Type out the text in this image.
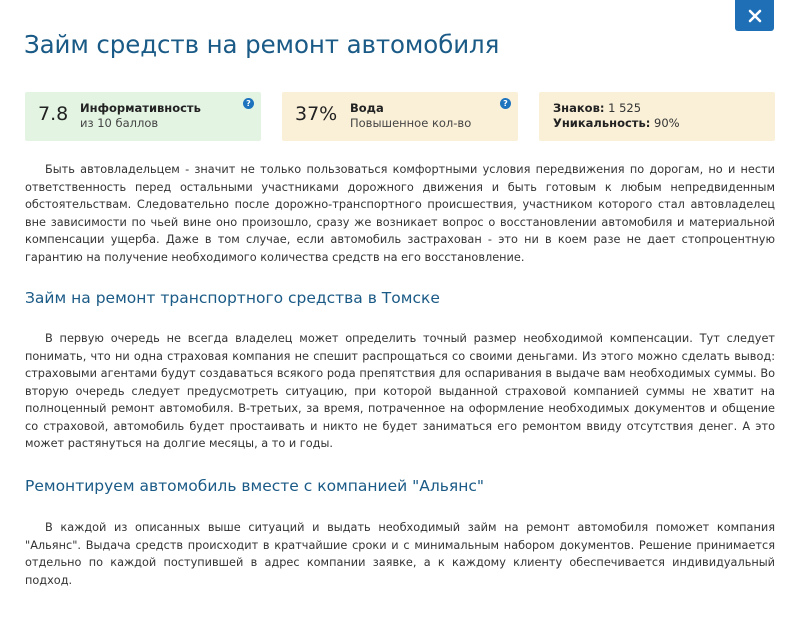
Займ средств на ремонт автомобиля
7.8 Информативность
из 10 баллов
? 37% Вода
Повышенное кол-во
?	Знаков: 1 525
Уникальность: 90%

Быть автовладельцем - значит не только пользоваться комфортными условия передвижения по дорогам, но и нести ответственность перед остальными участниками дорожного движения и быть готовым к любым непредвиденным обстоятельствам. Следовательно после дорожно-транспортного происшествия, участником которого стал автовладелец вне зависимости по чьей вине оно произошло, сразу же возникает вопрос о восстановлении автомобиля и материальной компенсации ущерба. Даже в том случае, если автомобиль застрахован - это ни в коем разе не дает стопроцентную гарантию на получение необходимого количества средств на его восстановление.

Займ на ремонт транспортного средства в Томске

В первую очередь не всегда владелец может определить точный размер необходимой компенсации. Тут следует понимать, что ни одна страховая компания не спешит распрощаться со своими деньгами. Из этого можно сделать вывод: страховыми агентами будут создаваться всякого рода препятствия для оспаривания в выдаче вам необходимых суммы. Во вторую очередь следует предусмотреть ситуацию, при которой выданной страховой компанией суммы не хватит на полноценный ремонт автомобиля. В-третьих, за время, потраченное на оформление необходимых документов и общение со страховой, автомобиль будет простаивать и никто не будет заниматься его ремонтом ввиду отсутствия денег. А это может растянуться на долгие месяцы, а то и годы.

Ремонтируем автомобиль вместе с компанией "Альянс"

В каждой из описанных выше ситуаций и выдать необходимый займ на ремонт автомобиля поможет компания "Альянс". Выдача средств происходит в кратчайшие сроки и с минимальным набором документов. Решение принимается отдельно по каждой поступившей в адрес компании заявке, а к каждому клиенту обеспечивается индивидуальный подход.
